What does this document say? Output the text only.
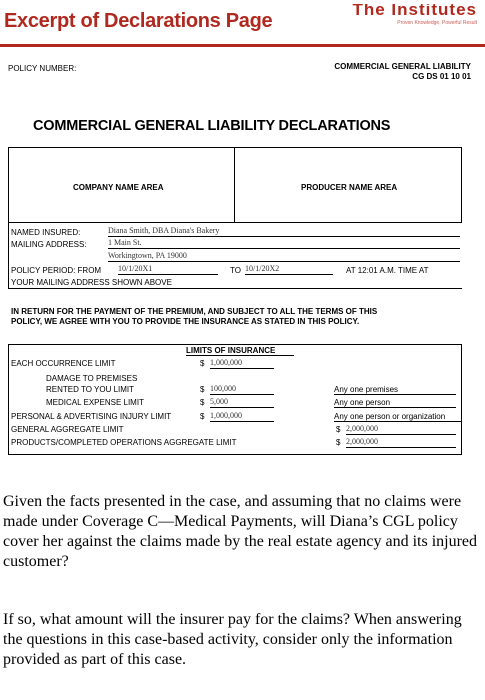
Excerpt of Declarations Page
The Institutes
Proven Knowledge, Powerful Result
POLICY NUMBER:	COMMERCIAL GENERAL LIABILITY
CG DS 01 10 01
COMMERCIAL GENERAL LIABILITY DECLARATIONS
COMPANY NAME AREA	PRODUCER NAME AREA
NAMED INSURED:	Diana Smith, DBA Diana's Bakery
MAILING ADDRESS:	1 Main St.
Workingtown, PA 19000
POLICY PERIOD: FROM 10/1/20X1	TO 10/1/20X2	AT 12:01 A.M. TIME AT
YOUR MAILING ADDRESS SHOWN ABOVE
IN RETURN FOR THE PAYMENT OF THE PREMIUM, AND SUBJECT TO ALL THE TERMS OF THIS
POLICY, WE AGREE WITH YOU TO PROVIDE THE INSURANCE AS STATED IN THIS POLICY.
LIMITS OF INSURANCE
EACH OCCURRENCE LIMIT	$ 1,000,000
DAMAGE TO PREMISES
RENTED TO YOU LIMIT	$ 100,000	Any one premises
MEDICAL EXPENSE LIMIT	$ 5,000	Any one person
PERSONAL & ADVERTISING INJURY LIMIT	$ 1,000,000	Any one person or organization
GENERAL AGGREGATE LIMIT	$ 2,000,000
PRODUCTS/COMPLETED OPERATIONS AGGREGATE LIMIT	$ 2,000,000
Given the facts presented in the case, and assuming that no claims were made under Coverage C—Medical Payments, will Diana’s CGL policy cover her against the claims made by the real estate agency and its injured customer?
If so, what amount will the insurer pay for the claims? When answering the questions in this case-based activity, consider only the information provided as part of this case.
